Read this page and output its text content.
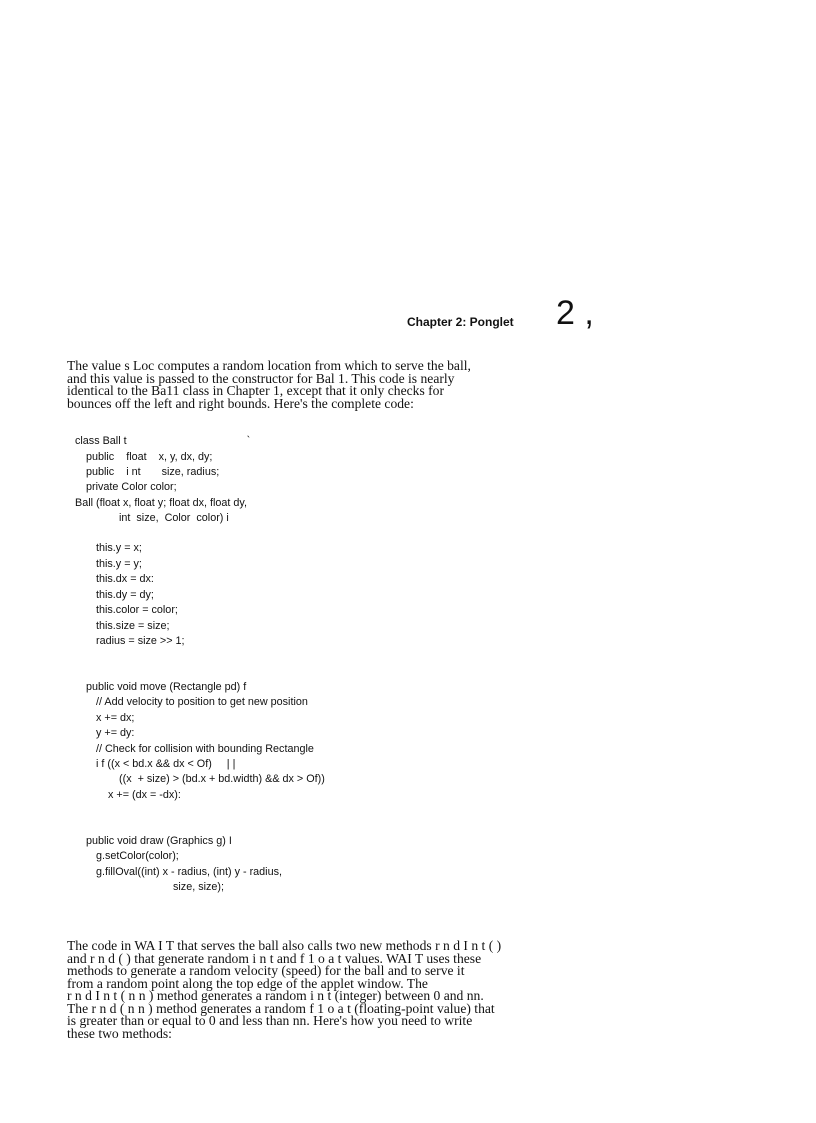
Chapter 2: Ponglet 2 ,
The value s Loc computes a random location from which to serve the ball,
and this value is passed to the constructor for Bal 1. This code is nearly
identical to the Ba11 class in Chapter 1, except that it only checks for
bounces off the left and right bounds. Here's the complete code:
class Ball t                                        `
public    float    x, y, dx, dy;
public    i nt       size, radius;
private Color color;
Ball (float x, float y; float dx, float dy,
int  size,  Color  color) i
this.y = x;
this.y = y;
this.dx = dx:
this.dy = dy;
this.color = color;
this.size = size;
radius = size >> 1;
public void move (Rectangle pd) f
// Add velocity to position to get new position
x += dx;
y += dy:
// Check for collision with bounding Rectangle
i f ((x < bd.x && dx < Of)     | |
((x  + size) > (bd.x + bd.width) && dx > Of))
x += (dx = -dx):
public void draw (Graphics g) I
g.setColor(color);
g.fillOval((int) x - radius, (int) y - radius,
size, size);
The code in WA I T that serves the ball also calls two new methods r n d I n t ( )
and r n d ( ) that generate random i n t and f 1 o a t values. WAI T uses these
methods to generate a random velocity (speed) for the ball and to serve it
from a random point along the top edge of the applet window. The
r n d I n t ( n n ) method generates a random i n t (integer) between 0 and nn.
The r n d ( n n ) method generates a random f 1 o a t (floating-point value) that
is greater than or equal to 0 and less than nn. Here's how you need to write
these two methods:
